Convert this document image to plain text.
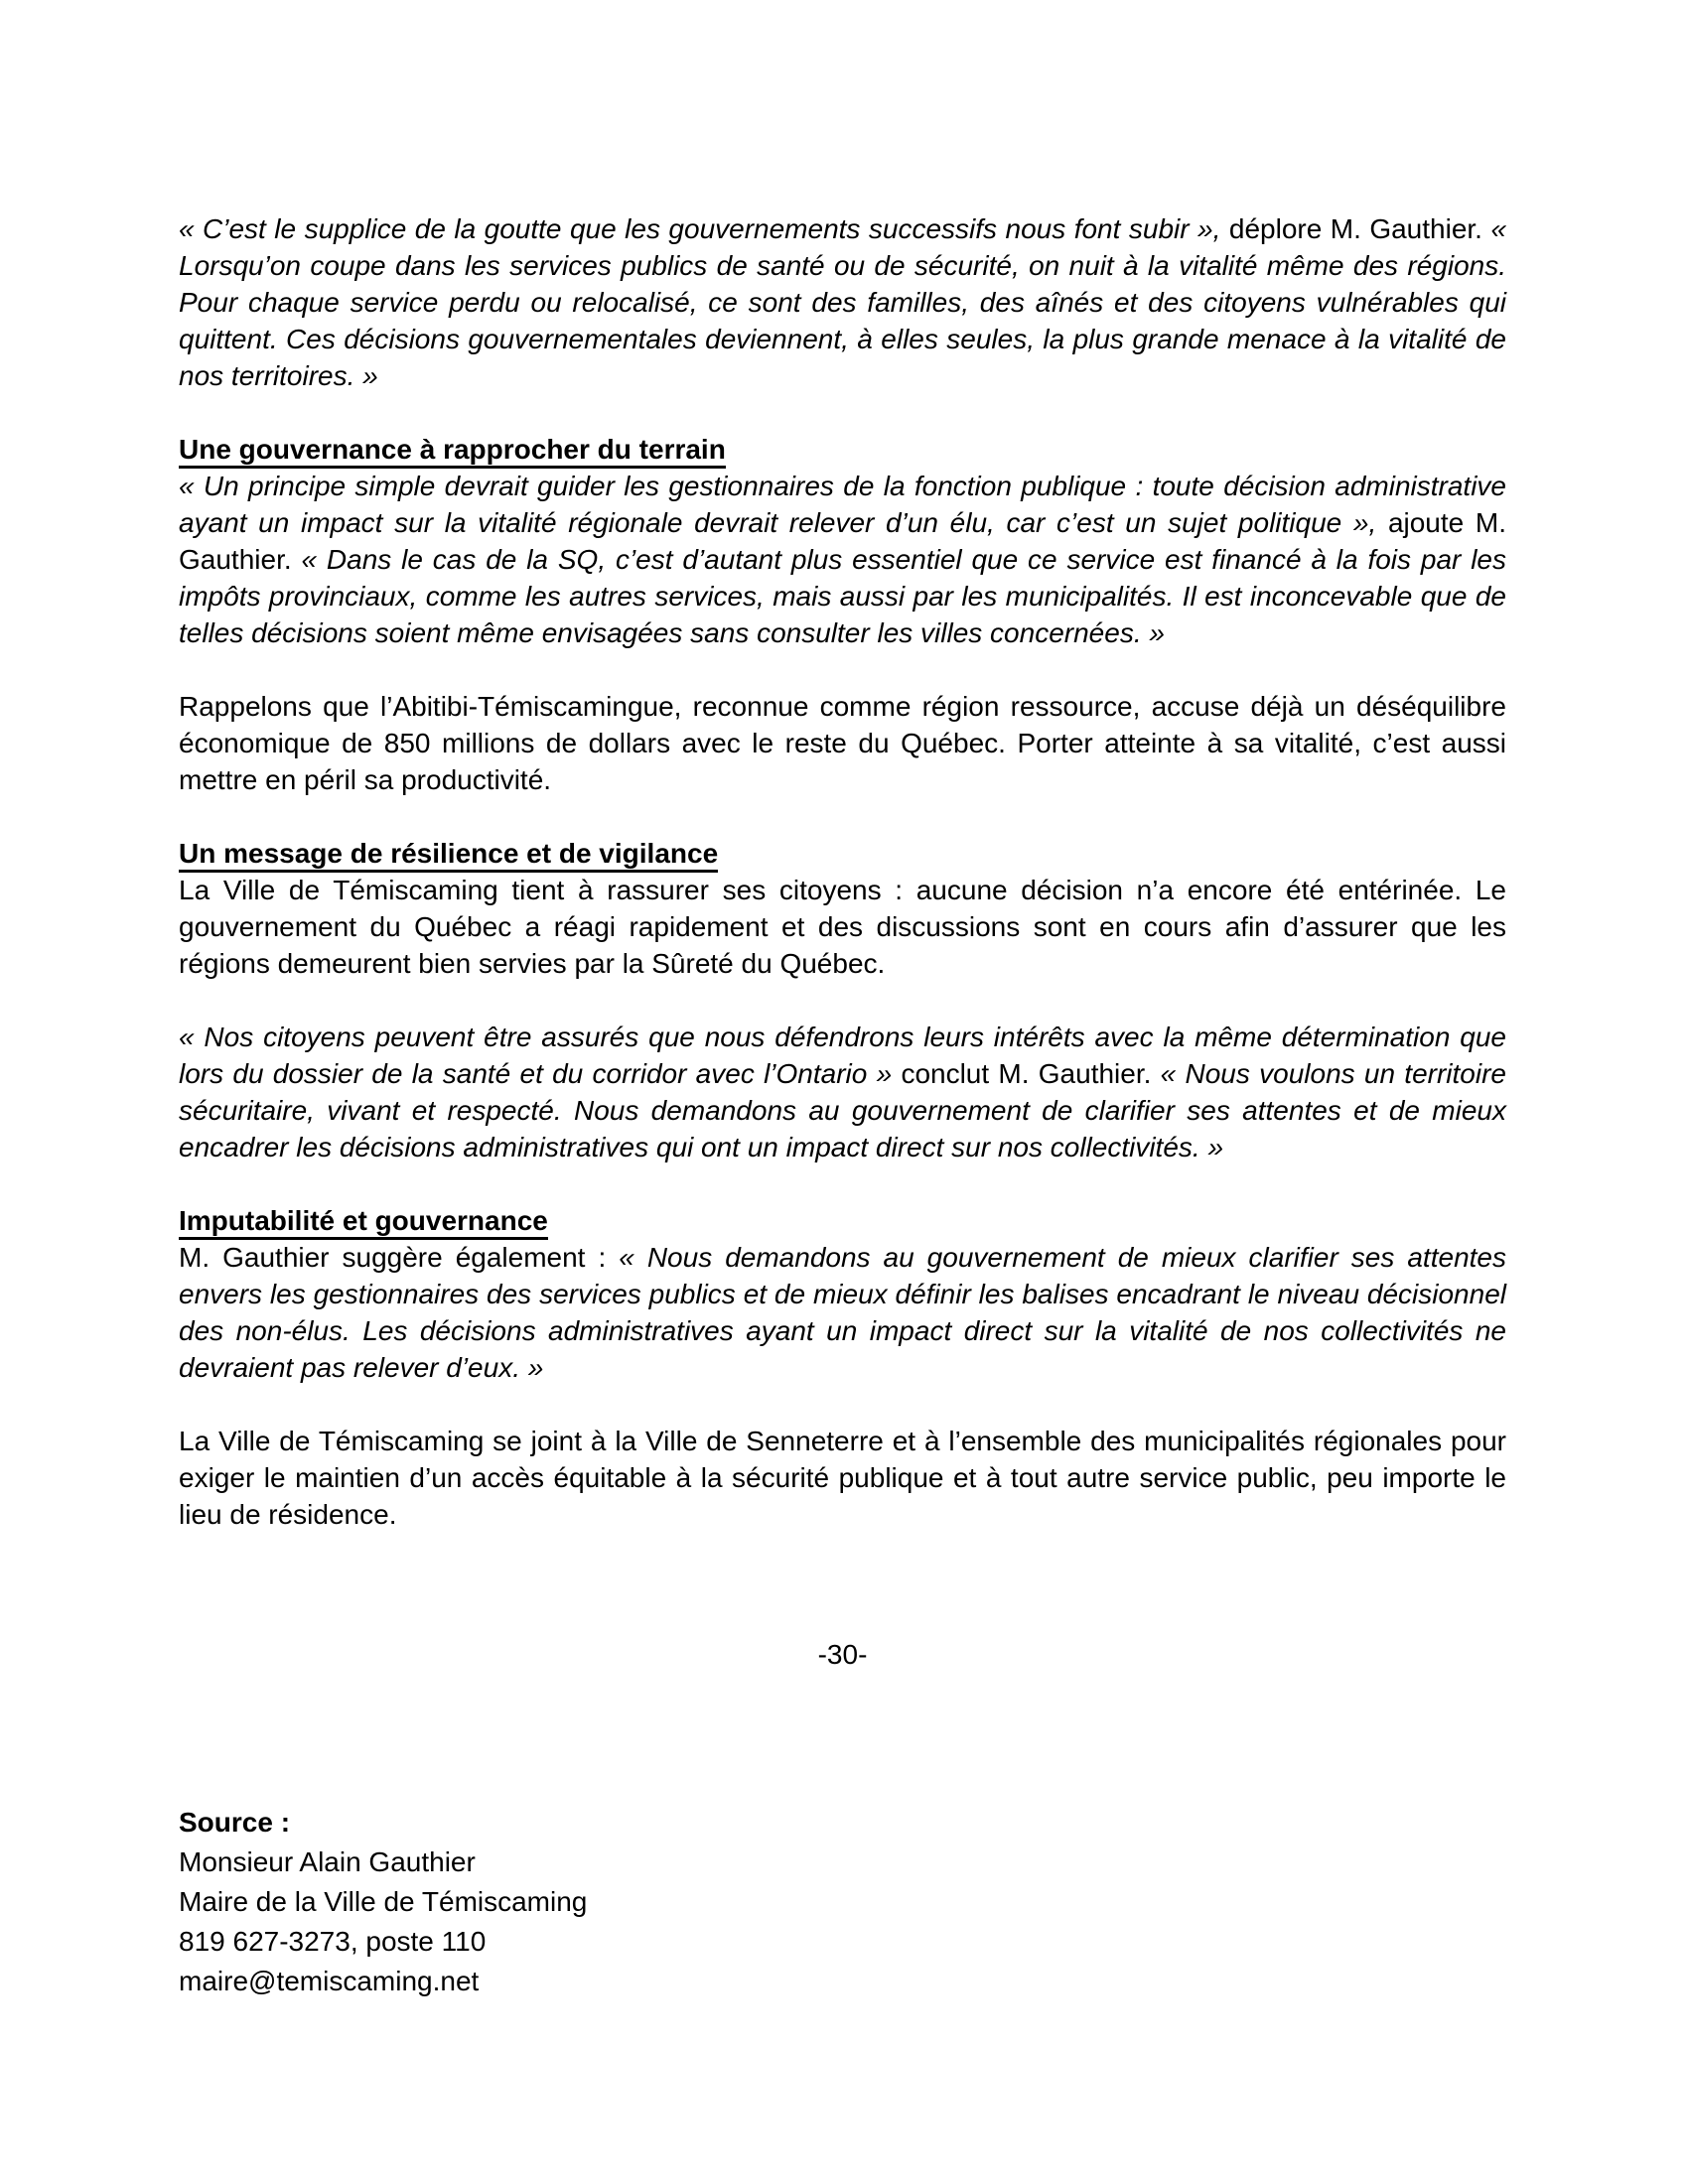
« C’est le supplice de la goutte que les gouvernements successifs nous font subir », déplore M. Gauthier. « Lorsqu’on coupe dans les services publics de santé ou de sécurité, on nuit à la vitalité même des régions. Pour chaque service perdu ou relocalisé, ce sont des familles, des aînés et des citoyens vulnérables qui quittent. Ces décisions gouvernementales deviennent, à elles seules, la plus grande menace à la vitalité de nos territoires. »

Une gouvernance à rapprocher du terrain

« Un principe simple devrait guider les gestionnaires de la fonction publique : toute décision administrative ayant un impact sur la vitalité régionale devrait relever d’un élu, car c’est un sujet politique », ajoute M. Gauthier. « Dans le cas de la SQ, c’est d’autant plus essentiel que ce service est financé à la fois par les impôts provinciaux, comme les autres services, mais aussi par les municipalités. Il est inconcevable que de telles décisions soient même envisagées sans consulter les villes concernées. »

Rappelons que l’Abitibi-Témiscamingue, reconnue comme région ressource, accuse déjà un déséquilibre économique de 850 millions de dollars avec le reste du Québec. Porter atteinte à sa vitalité, c’est aussi mettre en péril sa productivité.

Un message de résilience et de vigilance

La Ville de Témiscaming tient à rassurer ses citoyens : aucune décision n’a encore été entérinée. Le gouvernement du Québec a réagi rapidement et des discussions sont en cours afin d’assurer que les régions demeurent bien servies par la Sûreté du Québec.

« Nos citoyens peuvent être assurés que nous défendrons leurs intérêts avec la même détermination que lors du dossier de la santé et du corridor avec l’Ontario » conclut M. Gauthier. « Nous voulons un territoire sécuritaire, vivant et respecté. Nous demandons au gouvernement de clarifier ses attentes et de mieux encadrer les décisions administratives qui ont un impact direct sur nos collectivités. »

Imputabilité et gouvernance

M. Gauthier suggère également : « Nous demandons au gouvernement de mieux clarifier ses attentes envers les gestionnaires des services publics et de mieux définir les balises encadrant le niveau décisionnel des non-élus. Les décisions administratives ayant un impact direct sur la vitalité de nos collectivités ne devraient pas relever d’eux. »

La Ville de Témiscaming se joint à la Ville de Senneterre et à l’ensemble des municipalités régionales pour exiger le maintien d’un accès équitable à la sécurité publique et à tout autre service public, peu importe le lieu de résidence.

-30-
Source :
Monsieur Alain Gauthier
Maire de la Ville de Témiscaming
819 627-3273, poste 110
maire@temiscaming.net
